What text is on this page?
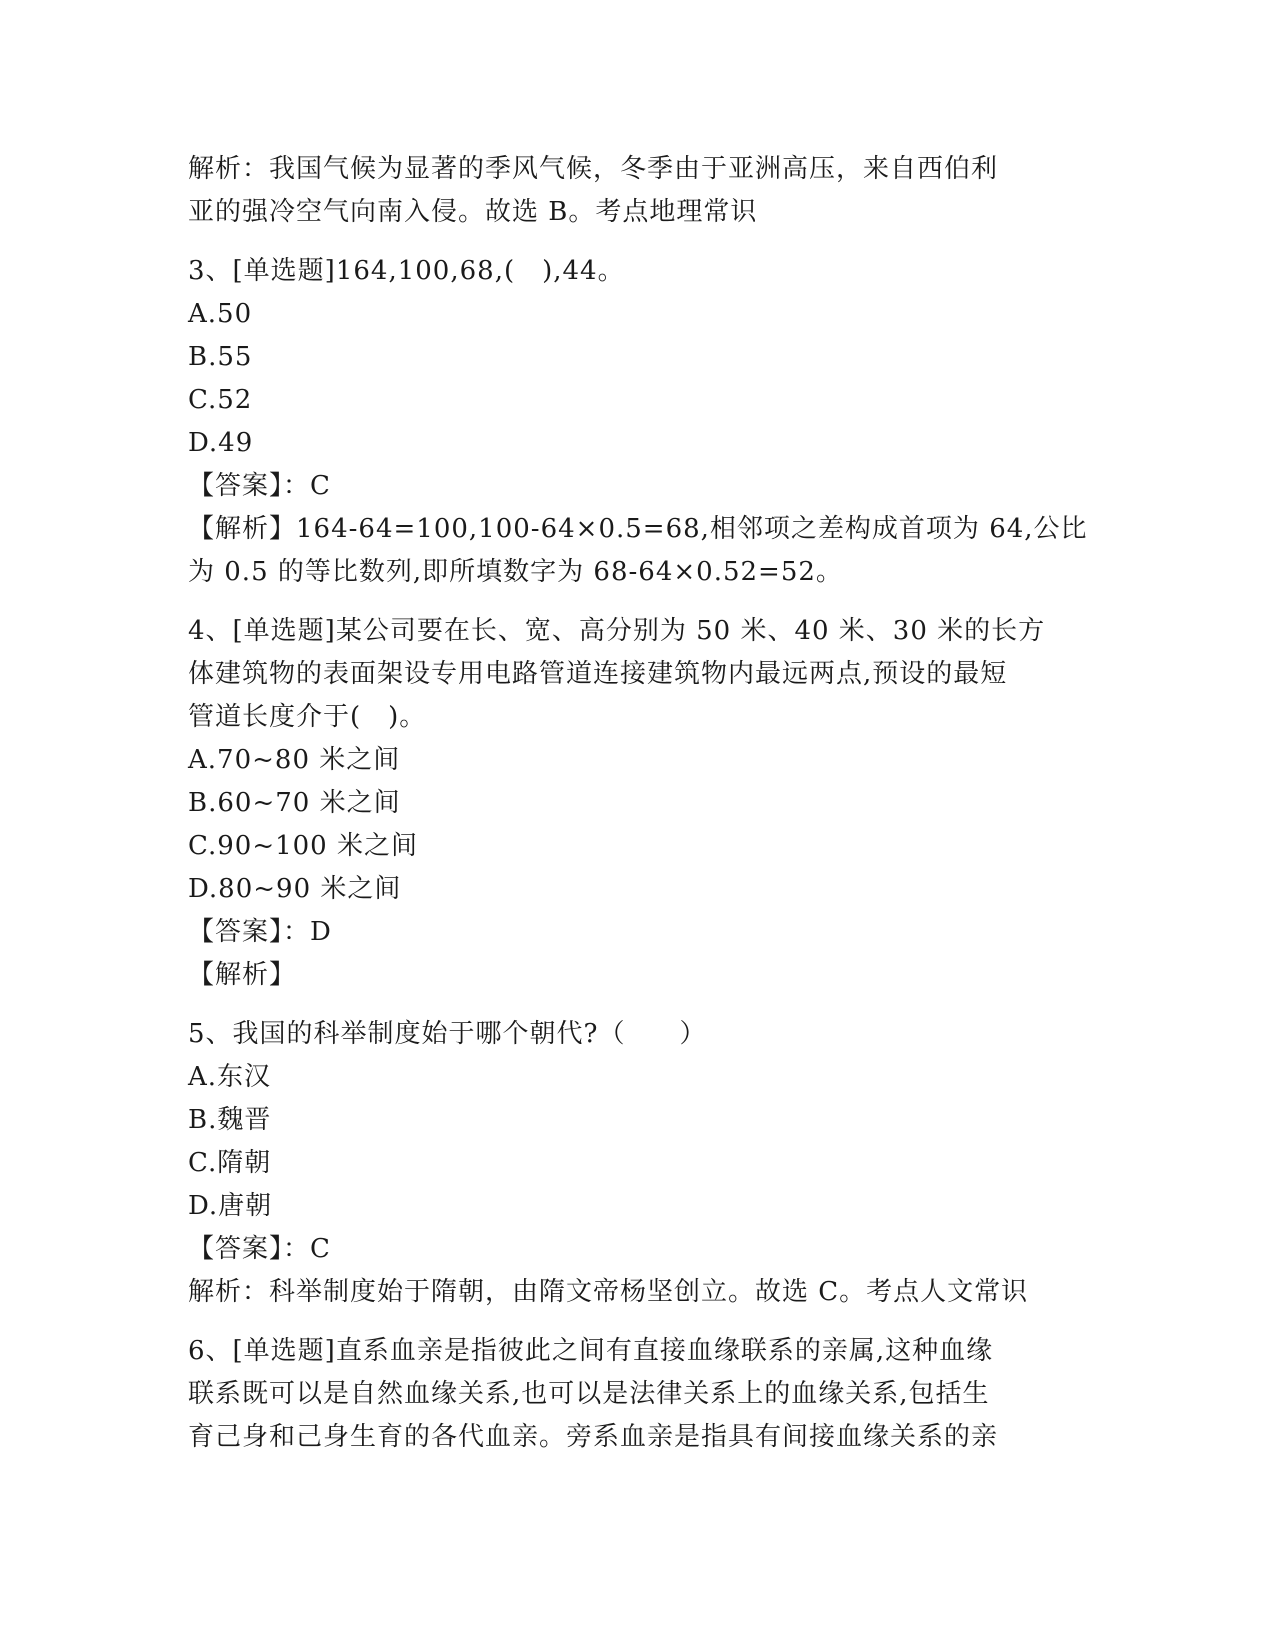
解析：我国气候为显著的季风气候，冬季由于亚洲高压，来自西伯利
亚的强冷空气向南入侵。故选 B。考点地理常识
3、[单选题]164,100,68,(　),44。
A.50
B.55
C.52
D.49
【答案】：C
【解析】164-64=100,100-64×0.5=68,相邻项之差构成首项为 64,公比
为 0.5 的等比数列,即所填数字为 68-64×0.52=52。
4、[单选题]某公司要在长、宽、高分别为 50 米、40 米、30 米的长方
体建筑物的表面架设专用电路管道连接建筑物内最远两点,预设的最短
管道长度介于(　)。
A.70~80 米之间
B.60~70 米之间
C.90~100 米之间
D.80~90 米之间
【答案】：D
【解析】
5、我国的科举制度始于哪个朝代?（　　）
A.东汉
B.魏晋
C.隋朝
D.唐朝
【答案】：C
解析：科举制度始于隋朝，由隋文帝杨坚创立。故选 C。考点人文常识
6、[单选题]直系血亲是指彼此之间有直接血缘联系的亲属,这种血缘
联系既可以是自然血缘关系,也可以是法律关系上的血缘关系,包括生
育己身和己身生育的各代血亲。旁系血亲是指具有间接血缘关系的亲
